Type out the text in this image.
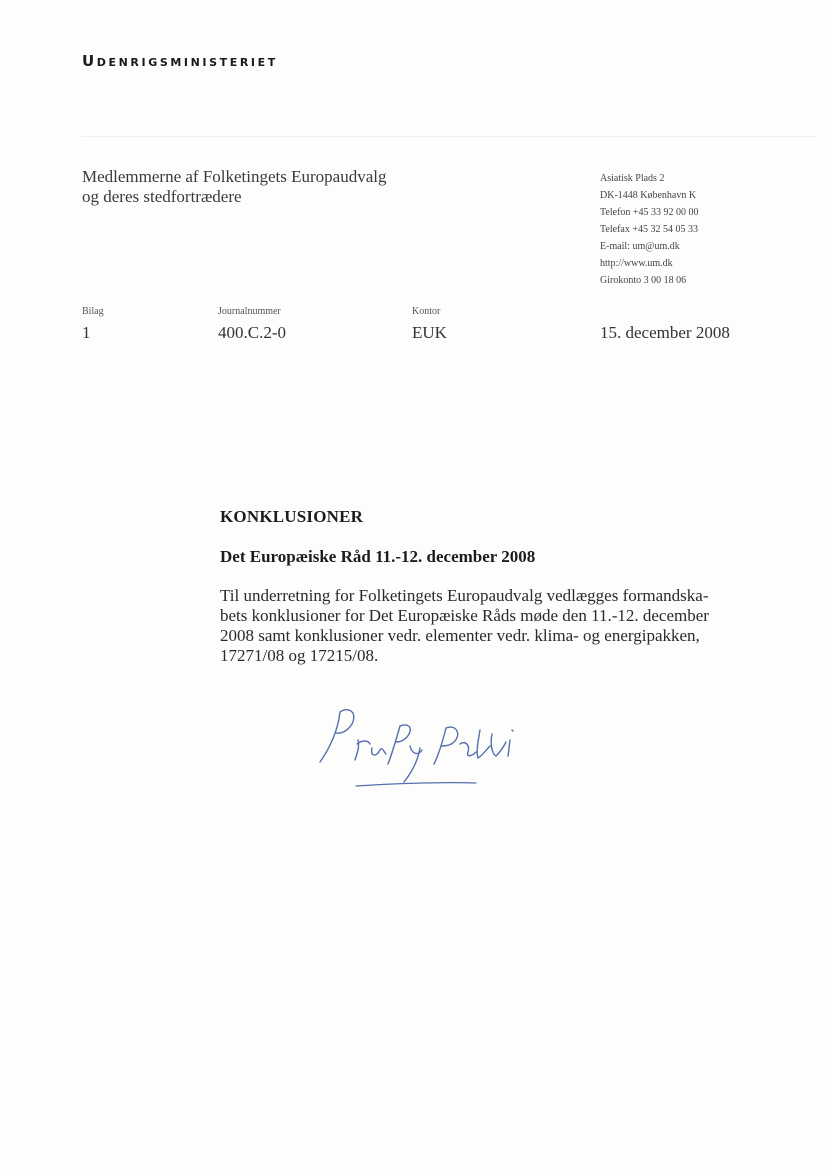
Udenrigsministeriet
Medlemmerne af Folketingets Europaudvalg
og deres stedfortrædere
Asiatisk Plads 2
DK-1448 København K
Telefon +45 33 92 00 00
Telefax +45 32 54 05 33
E-mail: um@um.dk
http://www.um.dk
Girokonto 3 00 18 06
Bilag
1
Journalnummer
400.C.2-0
Kontor
EUK	15. december 2008
KONKLUSIONER
Det Europæiske Råd 11.-12. december 2008
Til underretning for Folketingets Europaudvalg vedlægges formandska-
bets konklusioner for Det Europæiske Råds møde den 11.-12. december
2008 samt konklusioner vedr. elementer vedr. klima- og energipakken,
17271/08 og 17215/08.
